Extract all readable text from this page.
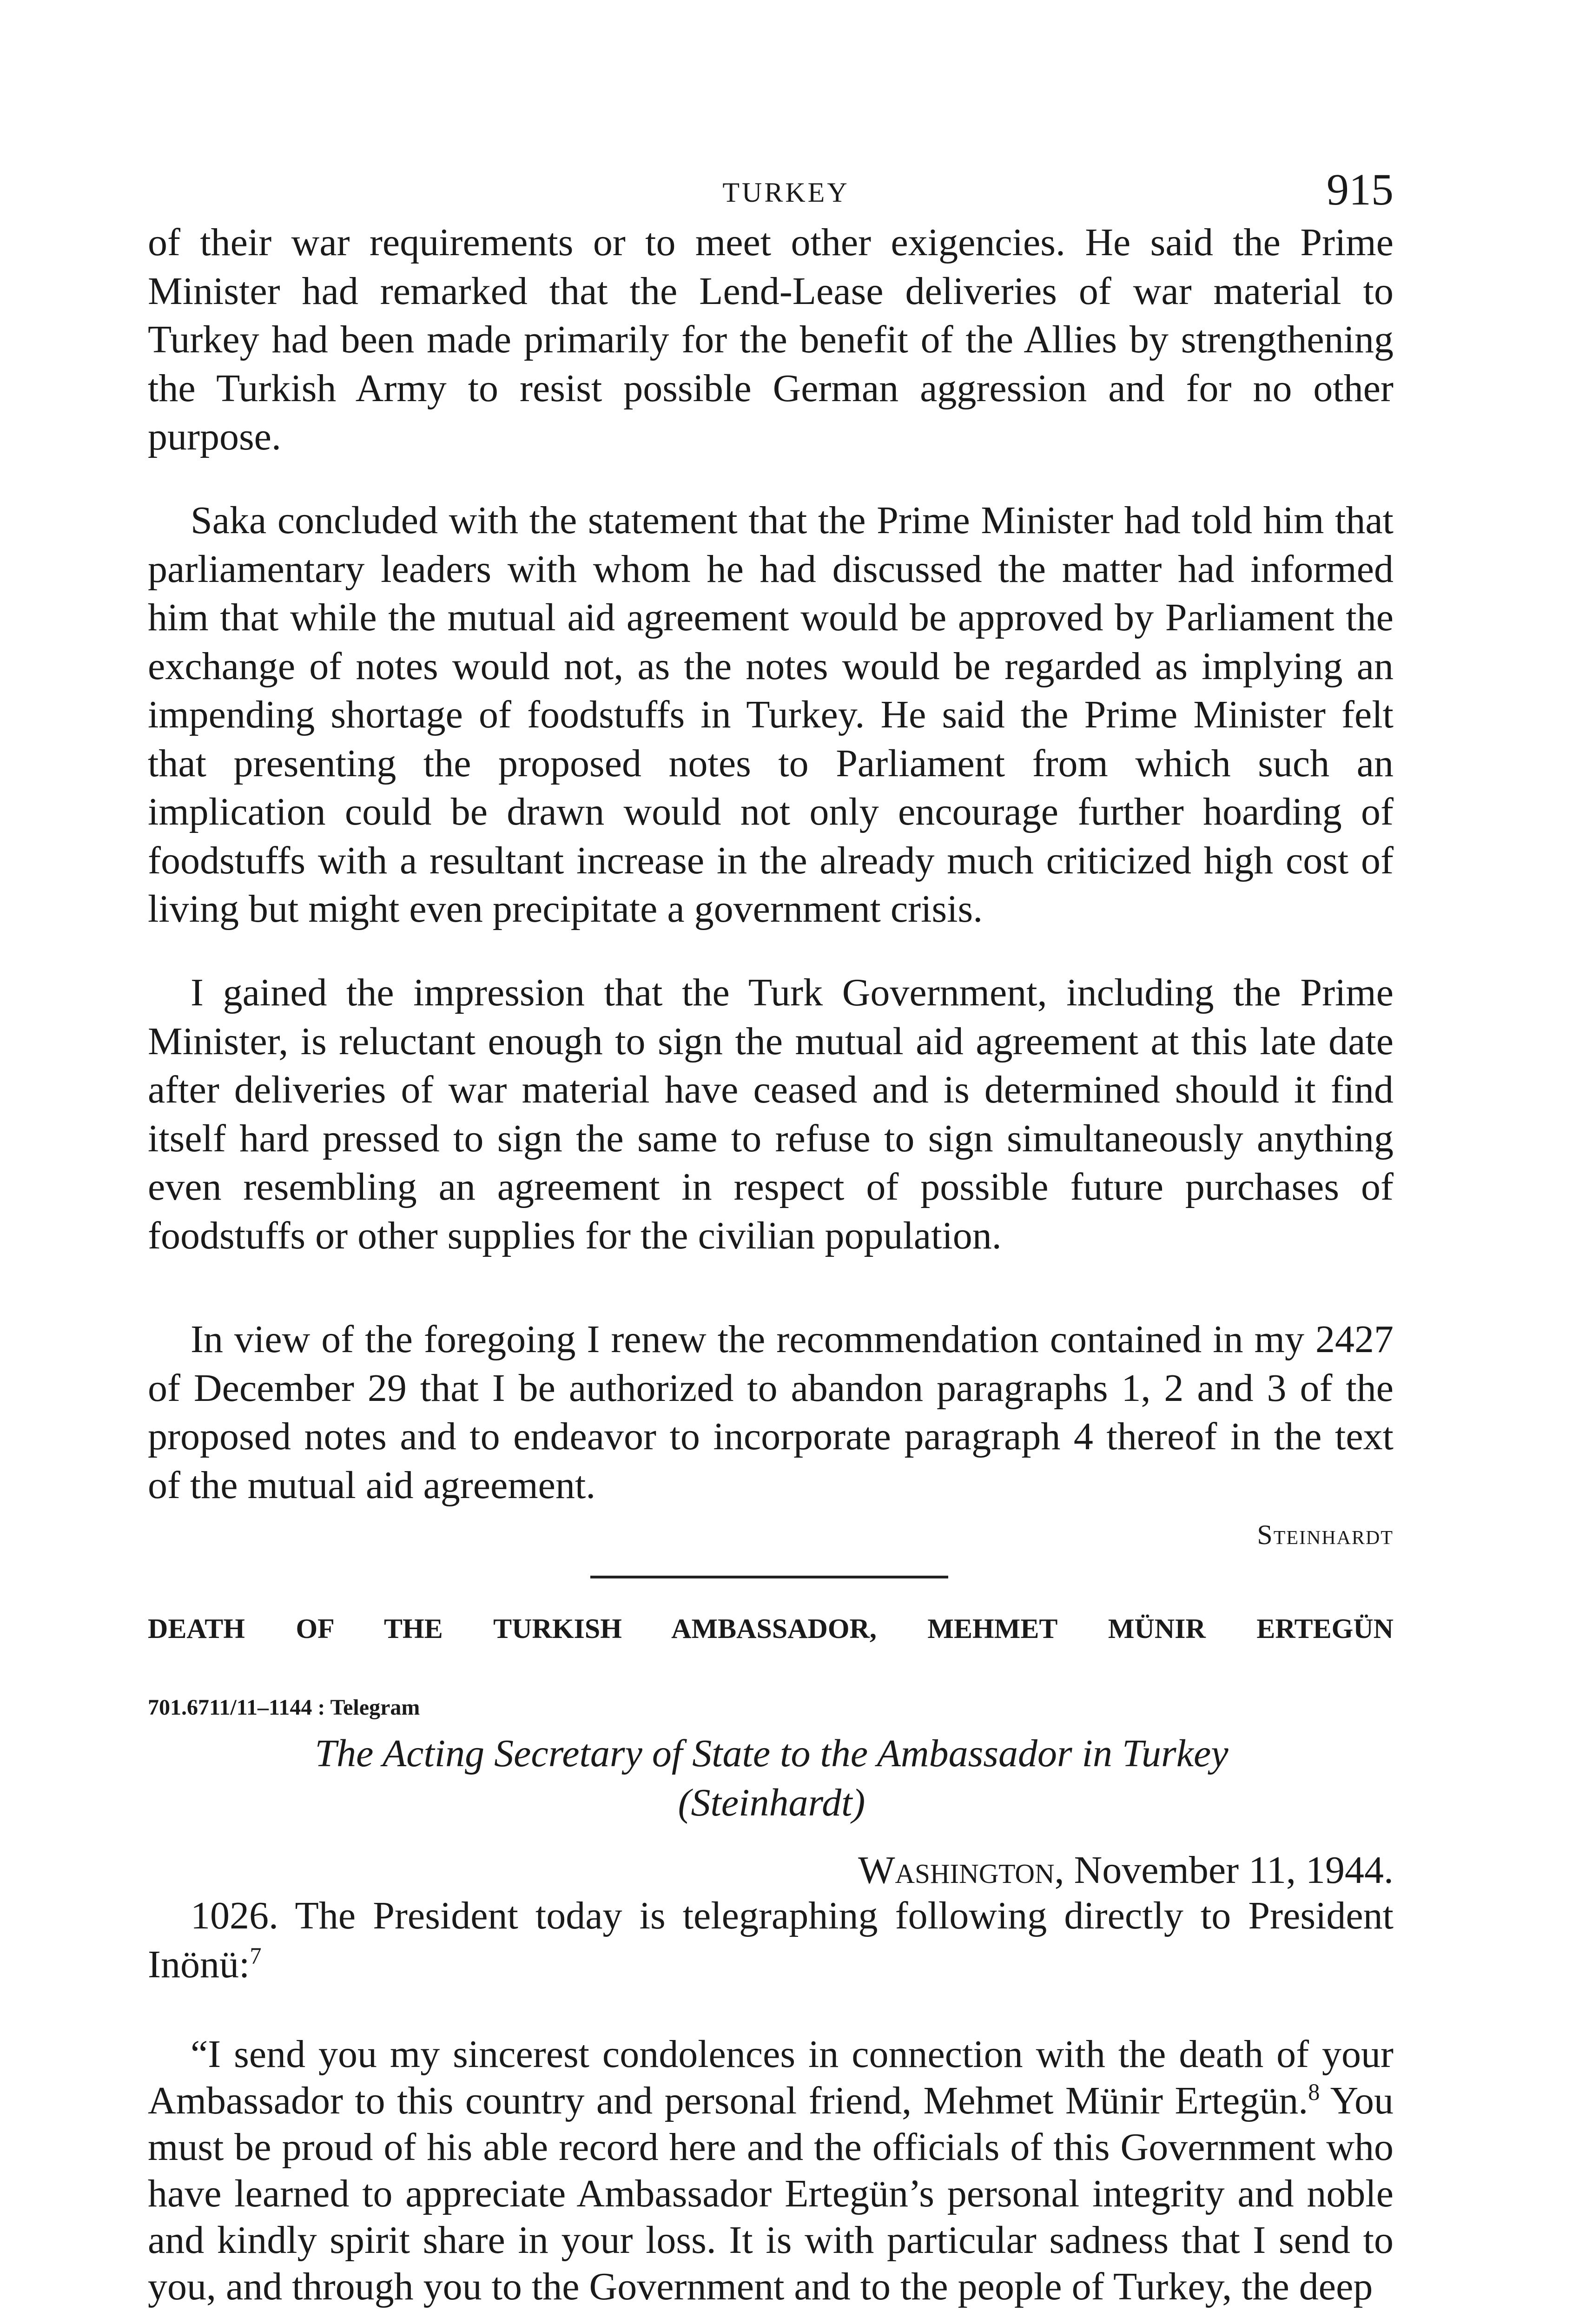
TURKEY	915

of their war requirements or to meet other exigencies. He said the Prime Minister had remarked that the Lend-Lease deliveries of war material to Turkey had been made primarily for the benefit of the Allies by strengthening the Turkish Army to resist possible German aggression and for no other purpose.

Saka concluded with the statement that the Prime Minister had told him that parliamentary leaders with whom he had discussed the matter had informed him that while the mutual aid agreement would be approved by Parliament the exchange of notes would not, as the notes would be regarded as implying an impending shortage of foodstuffs in Turkey. He said the Prime Minister felt that presenting the proposed notes to Parliament from which such an implication could be drawn would not only encourage further hoarding of foodstuffs with a resultant increase in the already much criticized high cost of living but might even precipitate a government crisis.

I gained the impression that the Turk Government, including the Prime Minister, is reluctant enough to sign the mutual aid agreement at this late date after deliveries of war material have ceased and is determined should it find itself hard pressed to sign the same to refuse to sign simultaneously anything even resembling an agreement in respect of possible future purchases of foodstuffs or other supplies for the civilian population.

In view of the foregoing I renew the recommendation contained in my 2427 of December 29 that I be authorized to abandon paragraphs 1, 2 and 3 of the proposed notes and to endeavor to incorporate paragraph 4 thereof in the text of the mutual aid agreement.

Steinhardt
DEATH OF THE TURKISH AMBASSADOR, MEHMET MÜNIR ERTEGÜN
701.6711/11–1144 : Telegram
The Acting Secretary of State to the Ambassador in Turkey
(Steinhardt)
Washington, November 11, 1944.

1026. The President today is telegraphing following directly to President Inönü:$^7$

“I send you my sincerest condolences in connection with the death of your Ambassador to this country and personal friend, Mehmet Münir Ertegün.$^8$ You must be proud of his able record here and the officials of this Government who have learned to appreciate Ambassador Ertegün’s personal integrity and noble and kindly spirit share in your loss. It is with particular sadness that I send to you, and through you to the Government and to the people of Turkey, the deep
